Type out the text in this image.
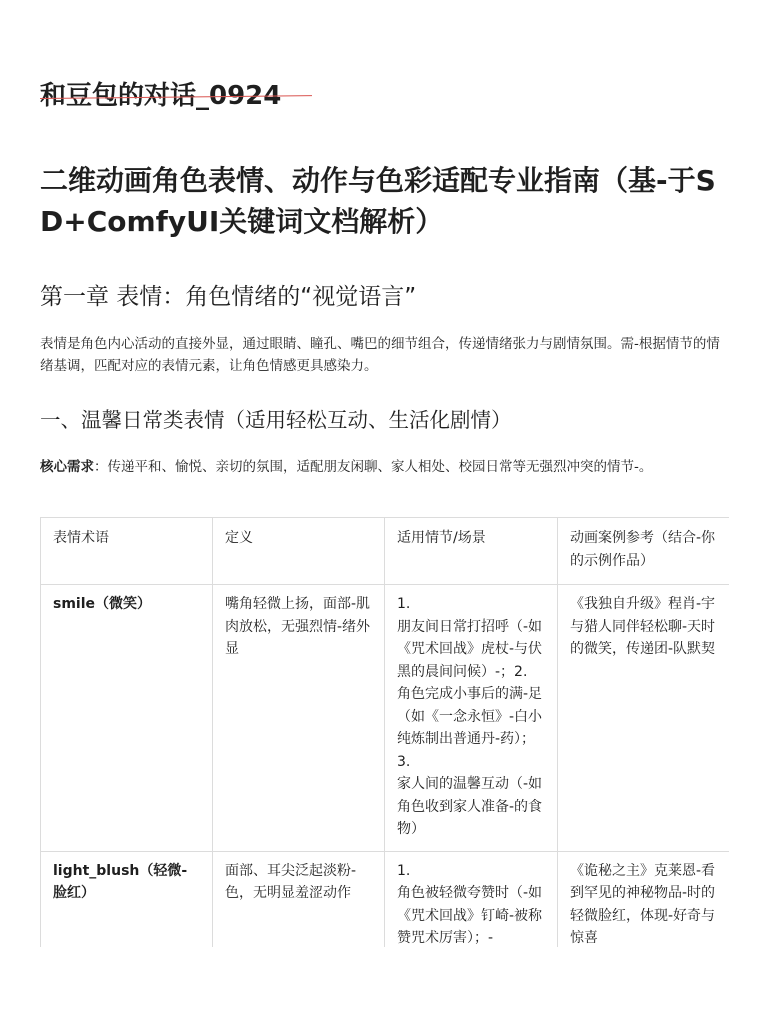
和豆包的对话_0924
二维动画角色表情、动作与色彩适配专业指南（基-于SD+ComfyUI关键词文档解析）
第一章 表情：角色情绪的“视觉语言”

表情是角色内心活动的直接外显，通过眼睛、瞳孔、嘴巴的细节组合，传递情绪张力与剧情氛围。需-根据情节的情绪基调，匹配对应的表情元素，让角色情感更具感染力。

一、温馨日常类表情（适用轻松互动、生活化剧情）

核心需求：传递平和、愉悦、亲切的氛围，适配朋友闲聊、家人相处、校园日常等无强烈冲突的情节-。

表情术语	定义	适用情节/场景	动画案例参考（结合-你的示例作品）
smile（微笑）	嘴角轻微上扬，面部-肌肉放松，无强烈情-绪外显	1.
朋友间日常打招呼（-如《咒术回战》虎杖-与伏黑的晨间问候）-；2.
角色完成小事后的满-足（如《一念永恒》-白小纯炼制出普通丹-药）；3.
家人间的温馨互动（-如角色收到家人准备-的食物）	《我独自升级》程肖-宇与猎人同伴轻松聊-天时的微笑，传递团-队默契
light_blush（轻微-脸红）	面部、耳尖泛起淡粉-色，无明显羞涩动作	1.
角色被轻微夸赞时（-如《咒术回战》钉崎-被称赞咒术厉害）；-	《诡秘之主》克莱恩-看到罕见的神秘物品-时的轻微脸红，体现-好奇与惊喜
